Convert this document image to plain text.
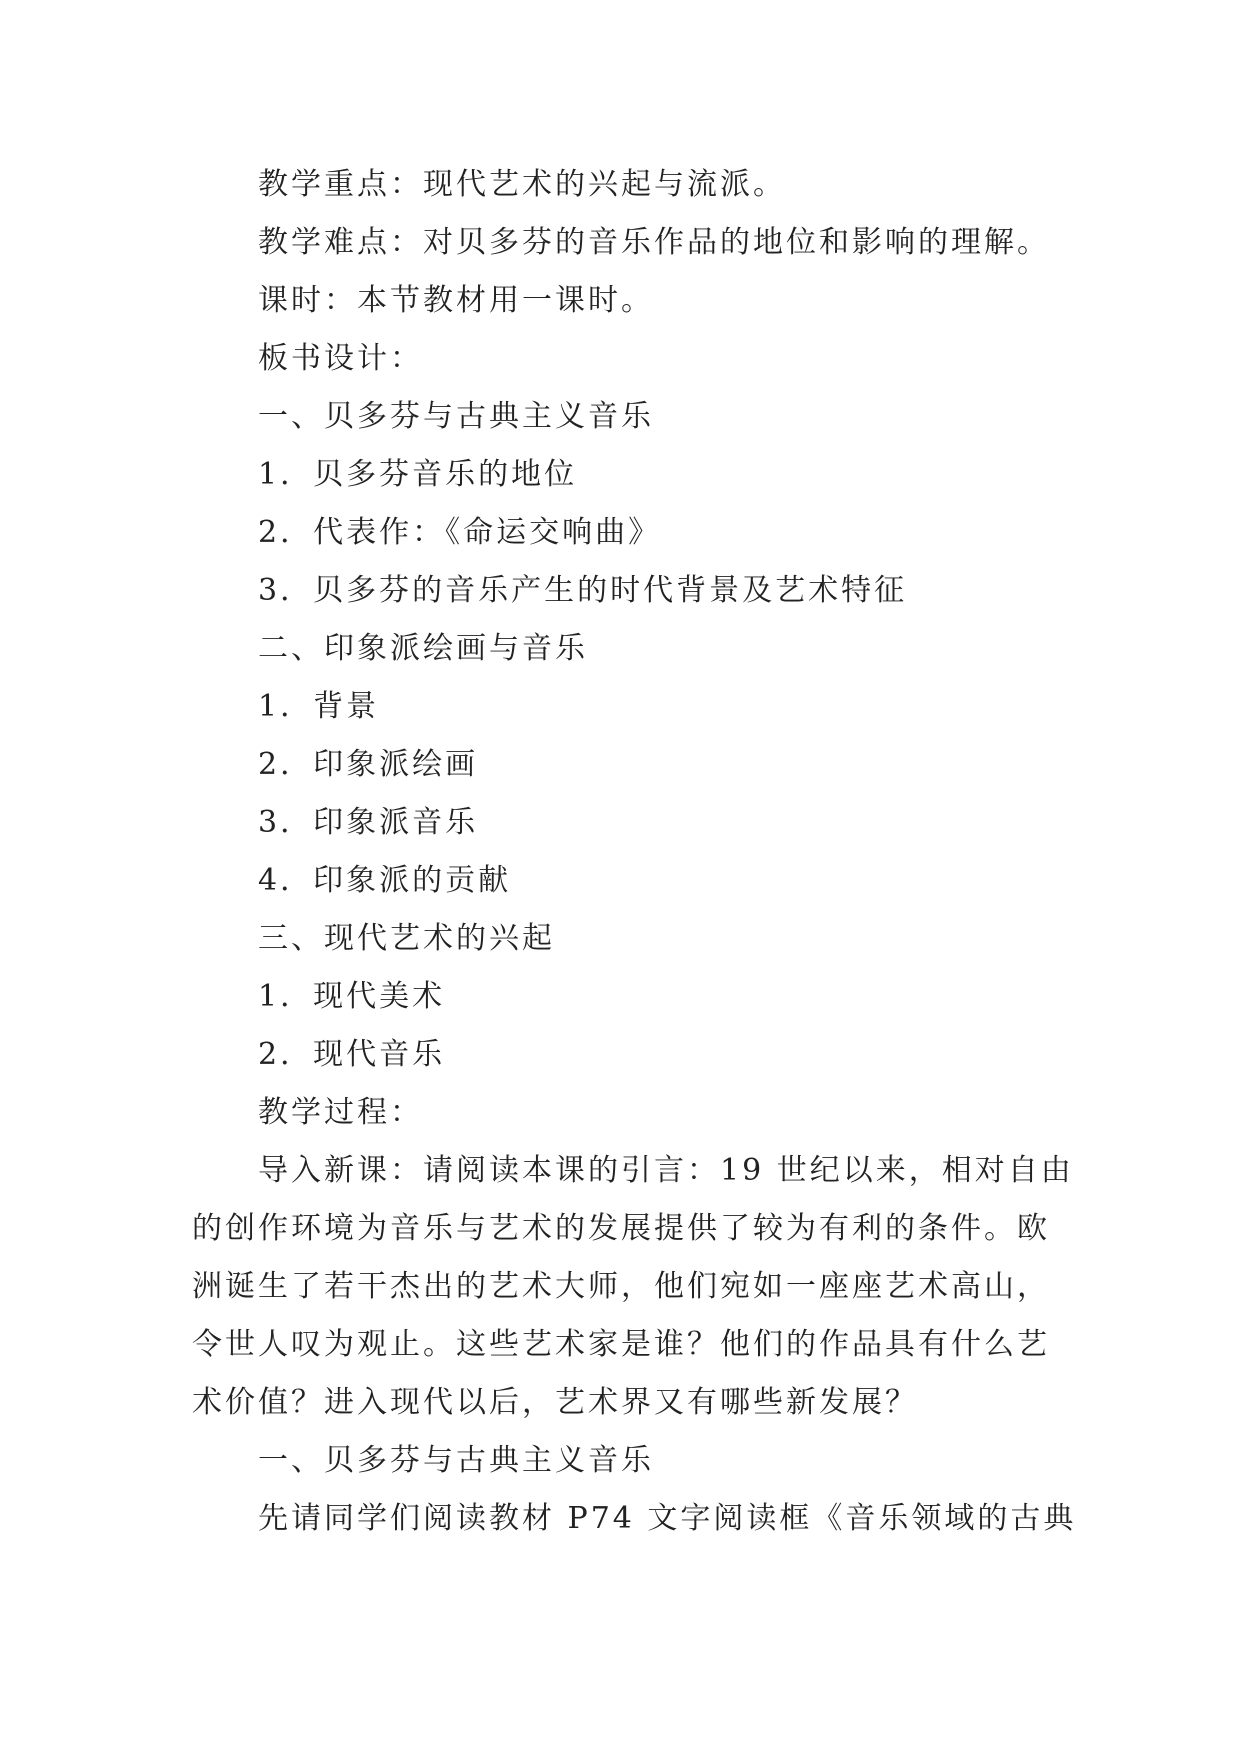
教学重点：现代艺术的兴起与流派。
教学难点：对贝多芬的音乐作品的地位和影响的理解。
课时：本节教材用一课时。
板书设计：
一、贝多芬与古典主义音乐
1．贝多芬音乐的地位
2．代表作：《命运交响曲》
3．贝多芬的音乐产生的时代背景及艺术特征
二、印象派绘画与音乐
1．背景
2．印象派绘画
3．印象派音乐
4．印象派的贡献
三、现代艺术的兴起
1．现代美术
2．现代音乐
教学过程：
导入新课：请阅读本课的引言：19 世纪以来，相对自由
的创作环境为音乐与艺术的发展提供了较为有利的条件。欧
洲诞生了若干杰出的艺术大师，他们宛如一座座艺术高山，
令世人叹为观止。这些艺术家是谁？他们的作品具有什么艺
术价值？进入现代以后，艺术界又有哪些新发展？
一、贝多芬与古典主义音乐
先请同学们阅读教材 P74 文字阅读框《音乐领域的古典
